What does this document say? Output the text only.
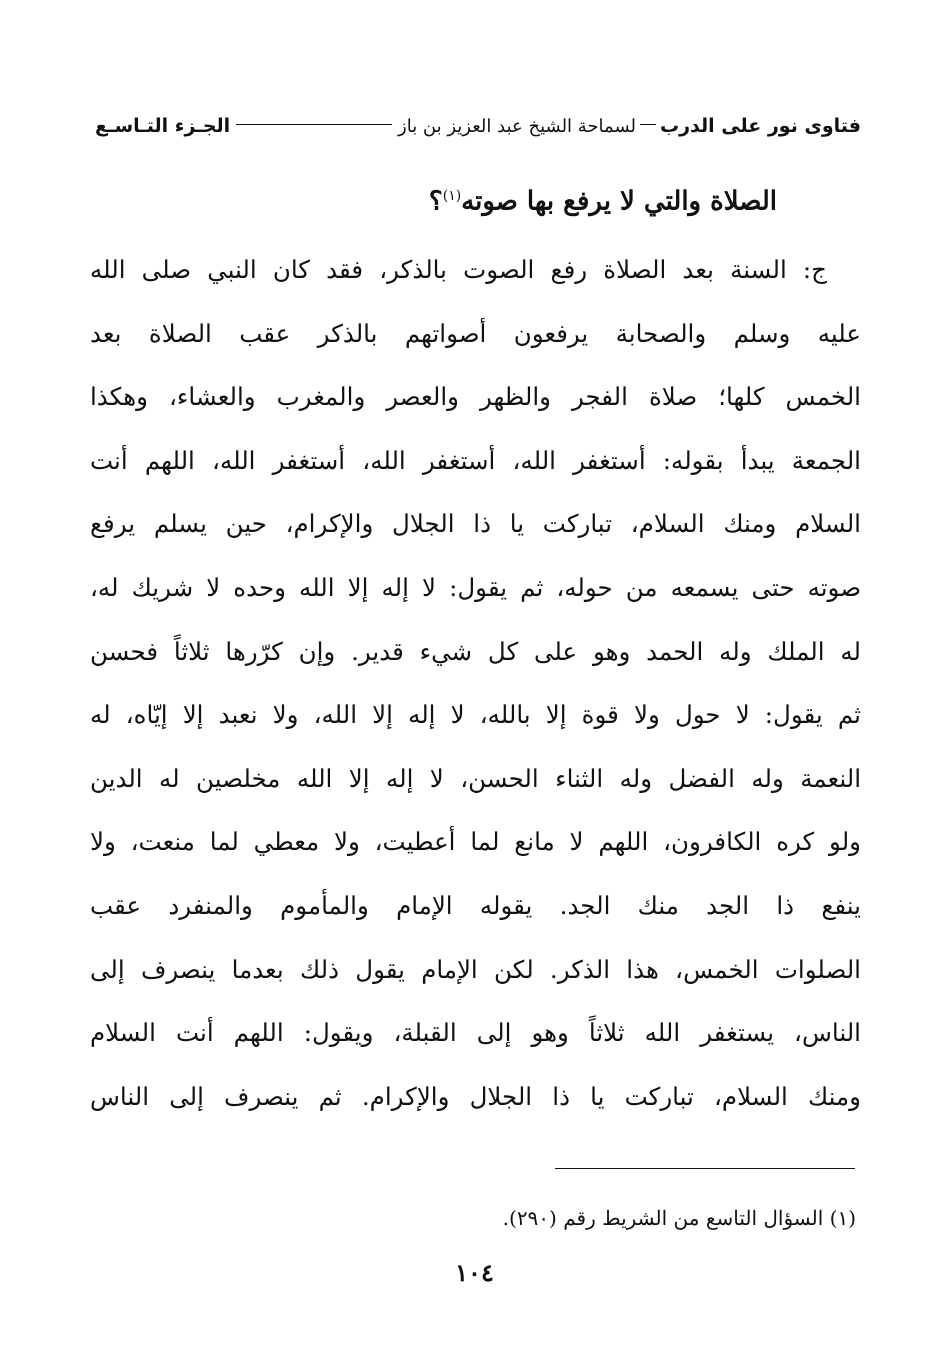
فتاوى نور على الدرب
لسماحة الشيخ عبد العزيز بن باز
الجـزء التـاسـع
الصلاة والتي لا يرفع بها صوته$^{(١)}$؟
ج: السنة بعد الصلاة رفع الصوت بالذكر، فقد كان النبي صلى الله
عليه وسلم والصحابة يرفعون أصواتهم بالذكر عقب الصلاة بعد
الخمس كلها؛ صلاة الفجر والظهر والعصر والمغرب والعشاء، وهكذا
الجمعة يبدأ بقوله: أستغفر الله، أستغفر الله، أستغفر الله، اللهم أنت
السلام ومنك السلام، تباركت يا ذا الجلال والإكرام، حين يسلم يرفع
صوته حتى يسمعه من حوله، ثم يقول: لا إله إلا الله وحده لا شريك له،
له الملك وله الحمد وهو على كل شيء قدير. وإن كرّرها ثلاثاً فحسن
ثم يقول: لا حول ولا قوة إلا بالله، لا إله إلا الله، ولا نعبد إلا إيّاه، له
النعمة وله الفضل وله الثناء الحسن، لا إله إلا الله مخلصين له الدين
ولو كره الكافرون، اللهم لا مانع لما أعطيت، ولا معطي لما منعت، ولا
ينفع ذا الجد منك الجد. يقوله الإمام والمأموم والمنفرد عقب
الصلوات الخمس، هذا الذكر. لكن الإمام يقول ذلك بعدما ينصرف إلى
الناس، يستغفر الله ثلاثاً وهو إلى القبلة، ويقول: اللهم أنت السلام
ومنك السلام، تباركت يا ذا الجلال والإكرام. ثم ينصرف إلى الناس
(١) السؤال التاسع من الشريط رقم (٢٩٠).
١٠٤
